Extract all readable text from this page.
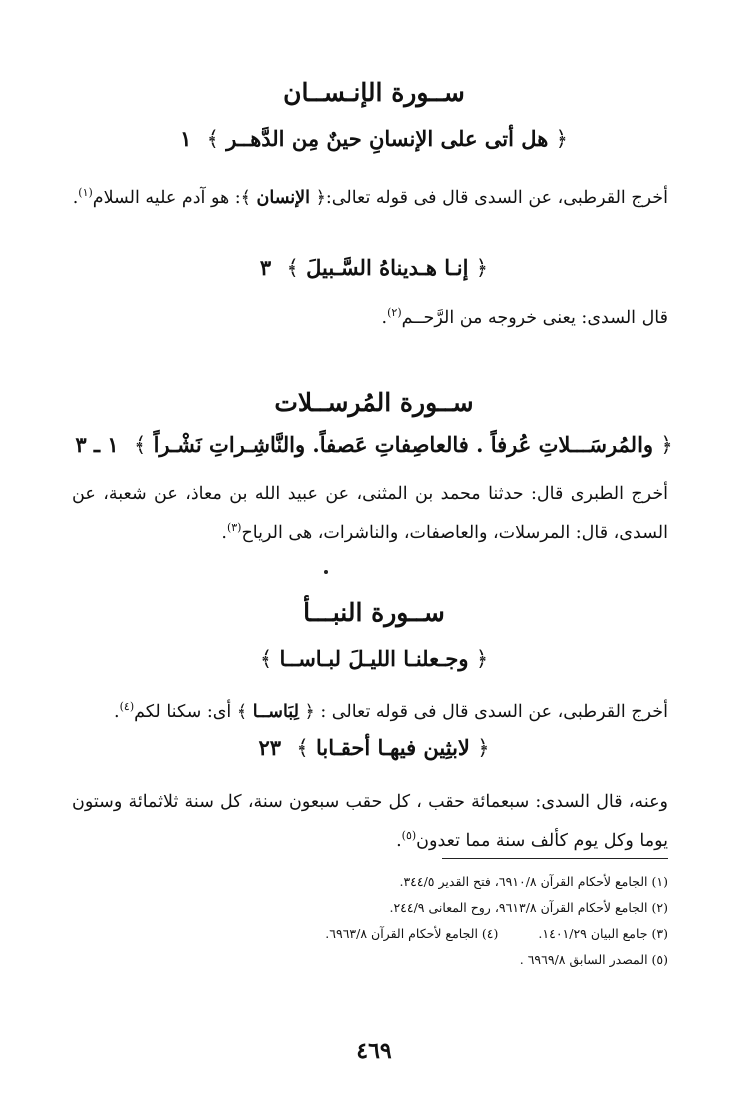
ســورة الإنـســان
﴿ هل أتى على الإنسانِ حينٌ مِن الدَّهــر ﴾ ١
أخرج القرطبى، عن السدى قال فى قوله تعالى:﴿ الإنسان ﴾: هو آدم عليه السلام$^{(١)}$.
﴿ إنـا هـديناهُ السَّـبيلَ ﴾ ٣
قال السدى: يعنى خروجه من الرَّحــم$^{(٢)}$.
ســورة المُرســلات
﴿ والمُرسَـــلاتِ عُرفاً . فالعاصِفاتِ عَصفاً. والنَّاشِـراتِ نَشْـراً ﴾ ١ ـ ٣
أخرج الطبرى قال: حدثنا محمد بن المثنى، عن عبيد الله بن معاذ، عن شعبة، عن السدى، قال: المرسلات، والعاصفات، والناشرات، هى الرياح$^{(٣)}$.
ســورة النبـــأ
﴿ وجـعلنـا الليـلَ لبـاســا ﴾
أخرج القرطبى، عن السدى قال فى قوله تعالى : ﴿ لِبَاســا ﴾ أى: سكنا لكم$^{(٤)}$.
﴿ لابثِين فيهـا أحقـابا ﴾ ٢٣
وعنه، قال السدى: سبعمائة حقب ، كل حقب سبعون سنة، كل سنة ثلاثمائة وستون يوما وكل يوم كألف سنة مما تعدون$^{(٥)}$.
(١) الجامع لأحكام القرآن ٦٩١٠/٨، فتح القدير ٣٤٤/٥.
(٢) الجامع لأحكام القرآن ٩٦١٣/٨، روح المعانى ٢٤٤/٩.
(٣) جامع البيان ١٤٠١/٢٩.(٤) الجامع لأحكام القرآن ٦٩٦٣/٨.
(٥) المصدر السابق ٦٩٦٩/٨ .
٤٦٩
